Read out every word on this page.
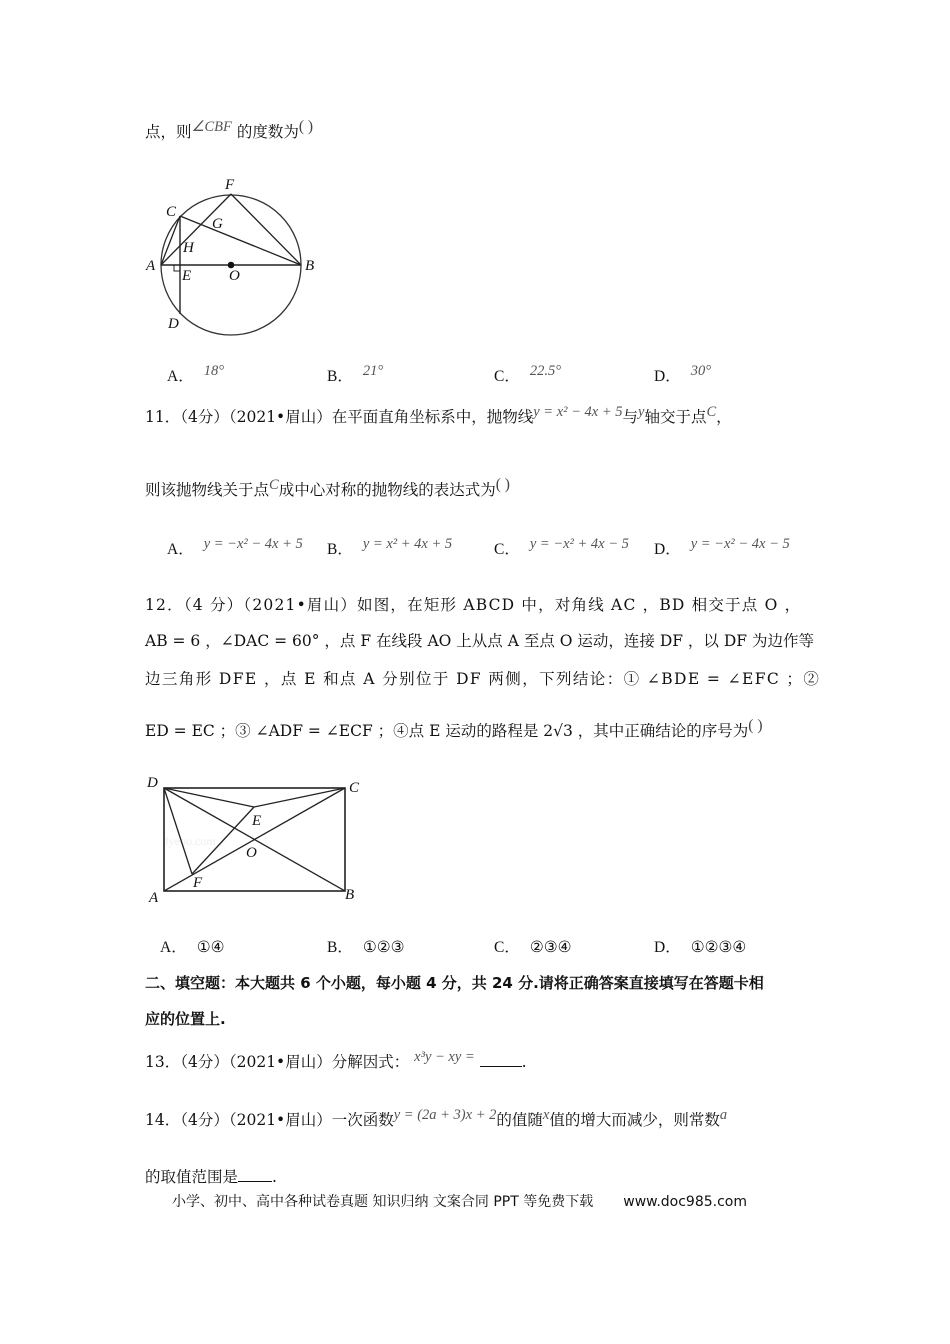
点，则∠CBF 的度数为( )
A	B
C
D
E
F
G
H
O
A． 18°	B． 21°	C． 22.5°	D． 30°
11．（4分）（2021•眉山）在平面直角坐标系中，抛物线y = x² − 4x + 5与y轴交于点C，
则该抛物线关于点C成中心对称的抛物线的表达式为( )
A． y = −x² − 4x + 5 B． y = x² + 4x + 5	C． y = −x² + 4x − 5 D． y = −x² − 4x − 5
12．（4 分）（2021•眉山）如图，在矩形 ABCD 中，对角线 AC ，BD 相交于点 O ，
AB = 6 ，∠DAC = 60° ，点 F 在线段 AO 上从点 A 至点 O 运动，连接 DF ，以 DF 为边作等
边三角形 DFE ，点 E 和点 A 分别位于 DF 两侧，下列结论：① ∠BDE = ∠EFC ；②
ED = EC ；③ ∠ADF = ∠ECF ；④点 E 运动的路程是 2√3 ，其中正确结论的序号为( )
Jyeoo.com
D	C
A	B
E
O
F
A． ①④	B． ①②③	C． ②③④	D． ①②③④
二、填空题：本大题共 6 个小题，每小题 4 分，共 24 分.请将正确答案直接填写在答题卡相
应的位置上.
13．（4分）（2021•眉山）分解因式： x³y − xy =	.
14．（4分）（2021•眉山）一次函数y = (2a + 3)x + 2的值随x值的增大而减少，则常数a
的取值范围是 .
小学、初中、高中各种试卷真题 知识归纳 文案合同 PPT 等免费下载 www.doc985.com
